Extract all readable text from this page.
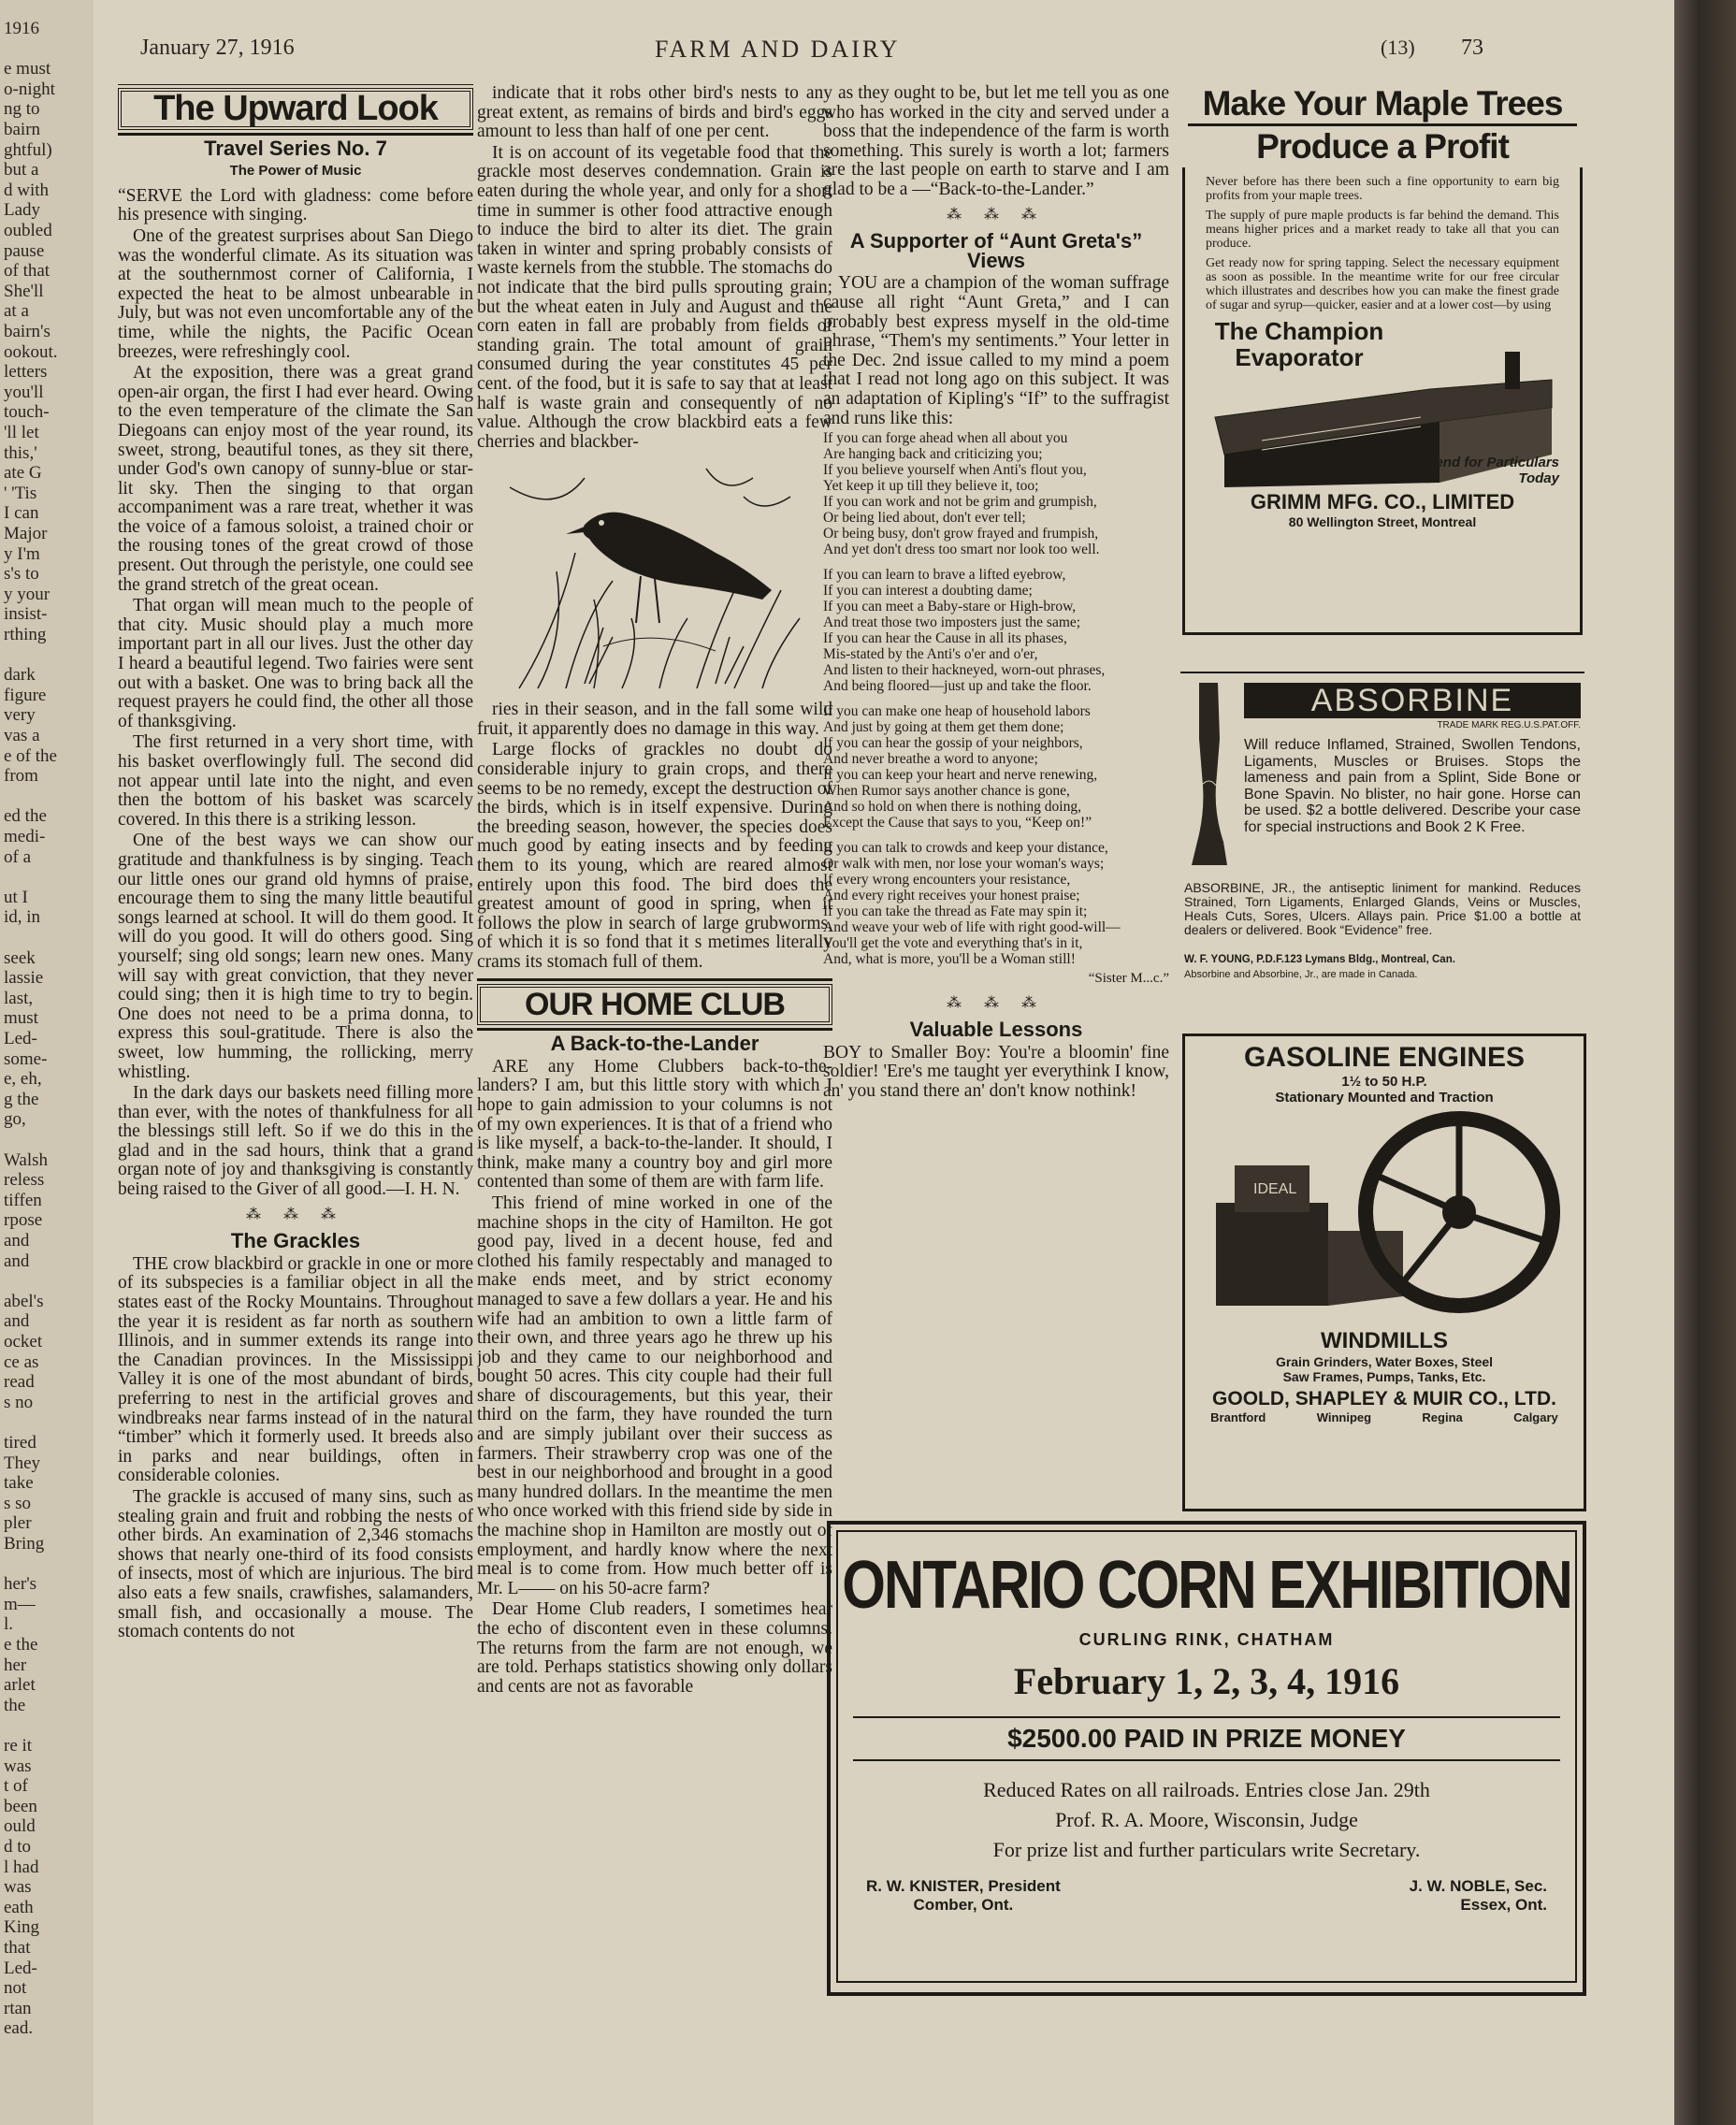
1916
e must
o-night
ng to
bairn
ghtful)
but a
d with
Lady
oubled
pause
of that
She'll
at a
bairn's
ookout.
letters
you'll
touch-
'll let
this,'
ate G
' 'Tis
I can
Major
y I'm
s's to
y your
insist-
rthing
dark
figure
very
vas a
e of the
from
ed the
medi-
of a
ut I
id, in
seek
lassie
last,
must
Led-
some-
e, eh,
g the
go,
Walsh
reless
tiffen
rpose
and
and
abel's
and
ocket
ce as
read
s no
tired
They
take
s so
pler
Bring
her's
m—
l.
e the
her
arlet
the
re it
was
t of
been
ould
d to
l had
was
eath
King
that
Led-
not
rtan
ead.
January 27, 1916	FARM AND DAIRY	(13) 73
The Upward Look
Travel Series No. 7
The Power of Music

“SERVE the Lord with gladness: come before his presence with singing.

One of the greatest surprises about San Diego was the wonderful climate. As its situation was at the southernmost corner of California, I expected the heat to be almost unbearable in July, but was not even uncomfortable any of the time, while the nights, the Pacific Ocean breezes, were refreshingly cool.

At the exposition, there was a great grand open-air organ, the first I had ever heard. Owing to the even temperature of the climate the San Diegoans can enjoy most of the year round, its sweet, strong, beautiful tones, as they sit there, under God's own canopy of sunny-blue or star-lit sky. Then the singing to that organ accompaniment was a rare treat, whether it was the voice of a famous soloist, a trained choir or the rousing tones of the great crowd of those present. Out through the peristyle, one could see the grand stretch of the great ocean.

That organ will mean much to the people of that city. Music should play a much more important part in all our lives. Just the other day I heard a beautiful legend. Two fairies were sent out with a basket. One was to bring back all the request prayers he could find, the other all those of thanksgiving.

The first returned in a very short time, with his basket overflowingly full. The second did not appear until late into the night, and even then the bottom of his basket was scarcely covered. In this there is a striking lesson.

One of the best ways we can show our gratitude and thankfulness is by singing. Teach our little ones our grand old hymns of praise, encourage them to sing the many little beautiful songs learned at school. It will do them good. It will do you good. It will do others good. Sing yourself; sing old songs; learn new ones. Many will say with great conviction, that they never could sing; then it is high time to try to begin. One does not need to be a prima donna, to express this soul-gratitude. There is also the sweet, low humming, the rollicking, merry whistling.

In the dark days our baskets need filling more than ever, with the notes of thankfulness for all the blessings still left. So if we do this in the glad and in the sad hours, think that a grand organ note of joy and thanksgiving is constantly being raised to the Giver of all good.—I. H. N.

⁂ ⁂ ⁂
The Grackles

THE crow blackbird or grackle in one or more of its subspecies is a familiar object in all the states east of the Rocky Mountains. Throughout the year it is resident as far north as southern Illinois, and in summer extends its range into the Canadian provinces. In the Mississippi Valley it is one of the most abundant of birds, preferring to nest in the artificial groves and windbreaks near farms instead of in the natural “timber” which it formerly used. It breeds also in parks and near buildings, often in considerable colonies.

The grackle is accused of many sins, such as stealing grain and fruit and robbing the nests of other birds. An examination of 2,346 stomachs shows that nearly one-third of its food consists of insects, most of which are injurious. The bird also eats a few snails, crawfishes, salamanders, small fish, and occasionally a mouse. The stomach contents do not

indicate that it robs other bird's nests to any great extent, as remains of birds and bird's eggs amount to less than half of one per cent.

It is on account of its vegetable food that the grackle most deserves condemnation. Grain is eaten during the whole year, and only for a short time in summer is other food attractive enough to induce the bird to alter its diet. The grain taken in winter and spring probably consists of waste kernels from the stubble. The stomachs do not indicate that the bird pulls sprouting grain; but the wheat eaten in July and August and the corn eaten in fall are probably from fields of standing grain. The total amount of grain consumed during the year constitutes 45 per cent. of the food, but it is safe to say that at least half is waste grain and consequently of no value. Although the crow blackbird eats a few cherries and blackber-

ries in their season, and in the fall some wild fruit, it apparently does no damage in this way.

Large flocks of grackles no doubt do considerable injury to grain crops, and there seems to be no remedy, except the destruction of the birds, which is in itself expensive. During the breeding season, however, the species does much good by eating insects and by feeding them to its young, which are reared almost entirely upon this food. The bird does the greatest amount of good in spring, when it follows the plow in search of large grubworms, of which it is so fond that it s metimes literally crams its stomach full of them.

OUR HOME CLUB
A Back-to-the-Lander

ARE any Home Clubbers back-to-the-landers? I am, but this little story with which I hope to gain admission to your columns is not of my own experiences. It is that of a friend who is like myself, a back-to-the-lander. It should, I think, make many a country boy and girl more contented than some of them are with farm life.

This friend of mine worked in one of the machine shops in the city of Hamilton. He got good pay, lived in a decent house, fed and clothed his family respectably and managed to make ends meet, and by strict economy managed to save a few dollars a year. He and his wife had an ambition to own a little farm of their own, and three years ago he threw up his job and they came to our neighborhood and bought 50 acres. This city couple had their full share of discouragements, but this year, their third on the farm, they have rounded the turn and are simply jubilant over their success as farmers. Their strawberry crop was one of the best in our neighborhood and brought in a good many hundred dollars. In the meantime the men who once worked with this friend side by side in the machine shop in Hamilton are mostly out of employment, and hardly know where the next meal is to come from. How much better off is Mr. L—— on his 50-acre farm?

Dear Home Club readers, I sometimes hear the echo of discontent even in these columns. The returns from the farm are not enough, we are told. Perhaps statistics showing only dollars and cents are not as favorable

as they ought to be, but let me tell you as one who has worked in the city and served under a boss that the independence of the farm is worth something. This surely is worth a lot; farmers are the last people on earth to starve and I am glad to be a —“Back-to-the-Lander.”

⁂ ⁂ ⁂
A Supporter of “Aunt Greta's” Views

YOU are a champion of the woman suffrage cause all right “Aunt Greta,” and I can probably best express myself in the old-time phrase, “Them's my sentiments.” Your letter in the Dec. 2nd issue called to my mind a poem that I read not long ago on this subject. It was an adaptation of Kipling's “If” to the suffragist and runs like this:

If you can forge ahead when all about you
Are hanging back and criticizing you;
If you believe yourself when Anti's flout you,
Yet keep it up till they believe it, too;
If you can work and not be grim and grumpish,
Or being lied about, don't ever tell;
Or being busy, don't grow frayed and frumpish,
And yet don't dress too smart nor look too well.
If you can learn to brave a lifted eyebrow,
If you can interest a doubting dame;
If you can meet a Baby-stare or High-brow,
And treat those two imposters just the same;
If you can hear the Cause in all its phases,
Mis-stated by the Anti's o'er and o'er,
And listen to their hackneyed, worn-out phrases,
And being floored—just up and take the floor.
If you can make one heap of household labors
And just by going at them get them done;
If you can hear the gossip of your neighbors,
And never breathe a word to anyone;
If you can keep your heart and nerve renewing,
When Rumor says another chance is gone,
And so hold on when there is nothing doing,
Except the Cause that says to you, “Keep on!”
If you can talk to crowds and keep your distance,
Or walk with men, nor lose your woman's ways;
If every wrong encounters your resistance,
And every right receives your honest praise;
If you can take the thread as Fate may spin it;
And weave your web of life with right good-will—
You'll get the vote and everything that's in it,
And, what is more, you'll be a Woman still!
“Sister M...c.”
⁂ ⁂ ⁂
Valuable Lessons

BOY to Smaller Boy: You're a bloomin' fine soldier! 'Ere's me taught yer everythink I know, an' you stand there an' don't know nothink!

Make Your Maple Trees
Produce a Profit

Never before has there been such a fine opportunity to earn big profits from your maple trees.

The supply of pure maple products is far behind the demand. This means higher prices and a market ready to take all that you can produce.

Get ready now for spring tapping. Select the necessary equipment as soon as possible. In the meantime write for our free circular which illustrates and describes how you can make the finest grade of sugar and syrup—quicker, easier and at a lower cost—by using

The Champion Evaporator
Send for Particulars Today
GRIMM MFG. CO., LIMITED
80 Wellington Street, Montreal
ABSORBINE
TRADE MARK REG.U.S.PAT.OFF.
Will reduce Inflamed, Strained, Swollen Tendons, Ligaments, Muscles or Bruises. Stops the lameness and pain from a Splint, Side Bone or Bone Spavin. No blister, no hair gone. Horse can be used. $2 a bottle delivered. Describe your case for special instructions and Book 2 K Free.
ABSORBINE, JR., the antiseptic liniment for mankind. Reduces Strained, Torn Ligaments, Enlarged Glands, Veins or Muscles, Heals Cuts, Sores, Ulcers. Allays pain. Price $1.00 a bottle at dealers or delivered. Book “Evidence” free.
W. F. YOUNG, P.D.F.123 Lymans Bldg., Montreal, Can.
Absorbine and Absorbine, Jr., are made in Canada.
GASOLINE ENGINES
1½ to 50 H.P.
Stationary Mounted and Traction
IDEAL
WINDMILLS
Grain Grinders, Water Boxes, Steel
Saw Frames, Pumps, Tanks, Etc.
GOOLD, SHAPLEY & MUIR CO., LTD.
Brantford	Winnipeg	Regina	Calgary
ONTARIO CORN EXHIBITION
CURLING RINK, CHATHAM
February 1, 2, 3, 4, 1916
$2500.00 PAID IN PRIZE MONEY
Reduced Rates on all railroads. Entries close Jan. 29th
Prof. R. A. Moore, Wisconsin, Judge
For prize list and further particulars write Secretary.
R. W. KNISTER, President
Comber, Ont.
J. W. NOBLE, Sec.
Essex, Ont.
